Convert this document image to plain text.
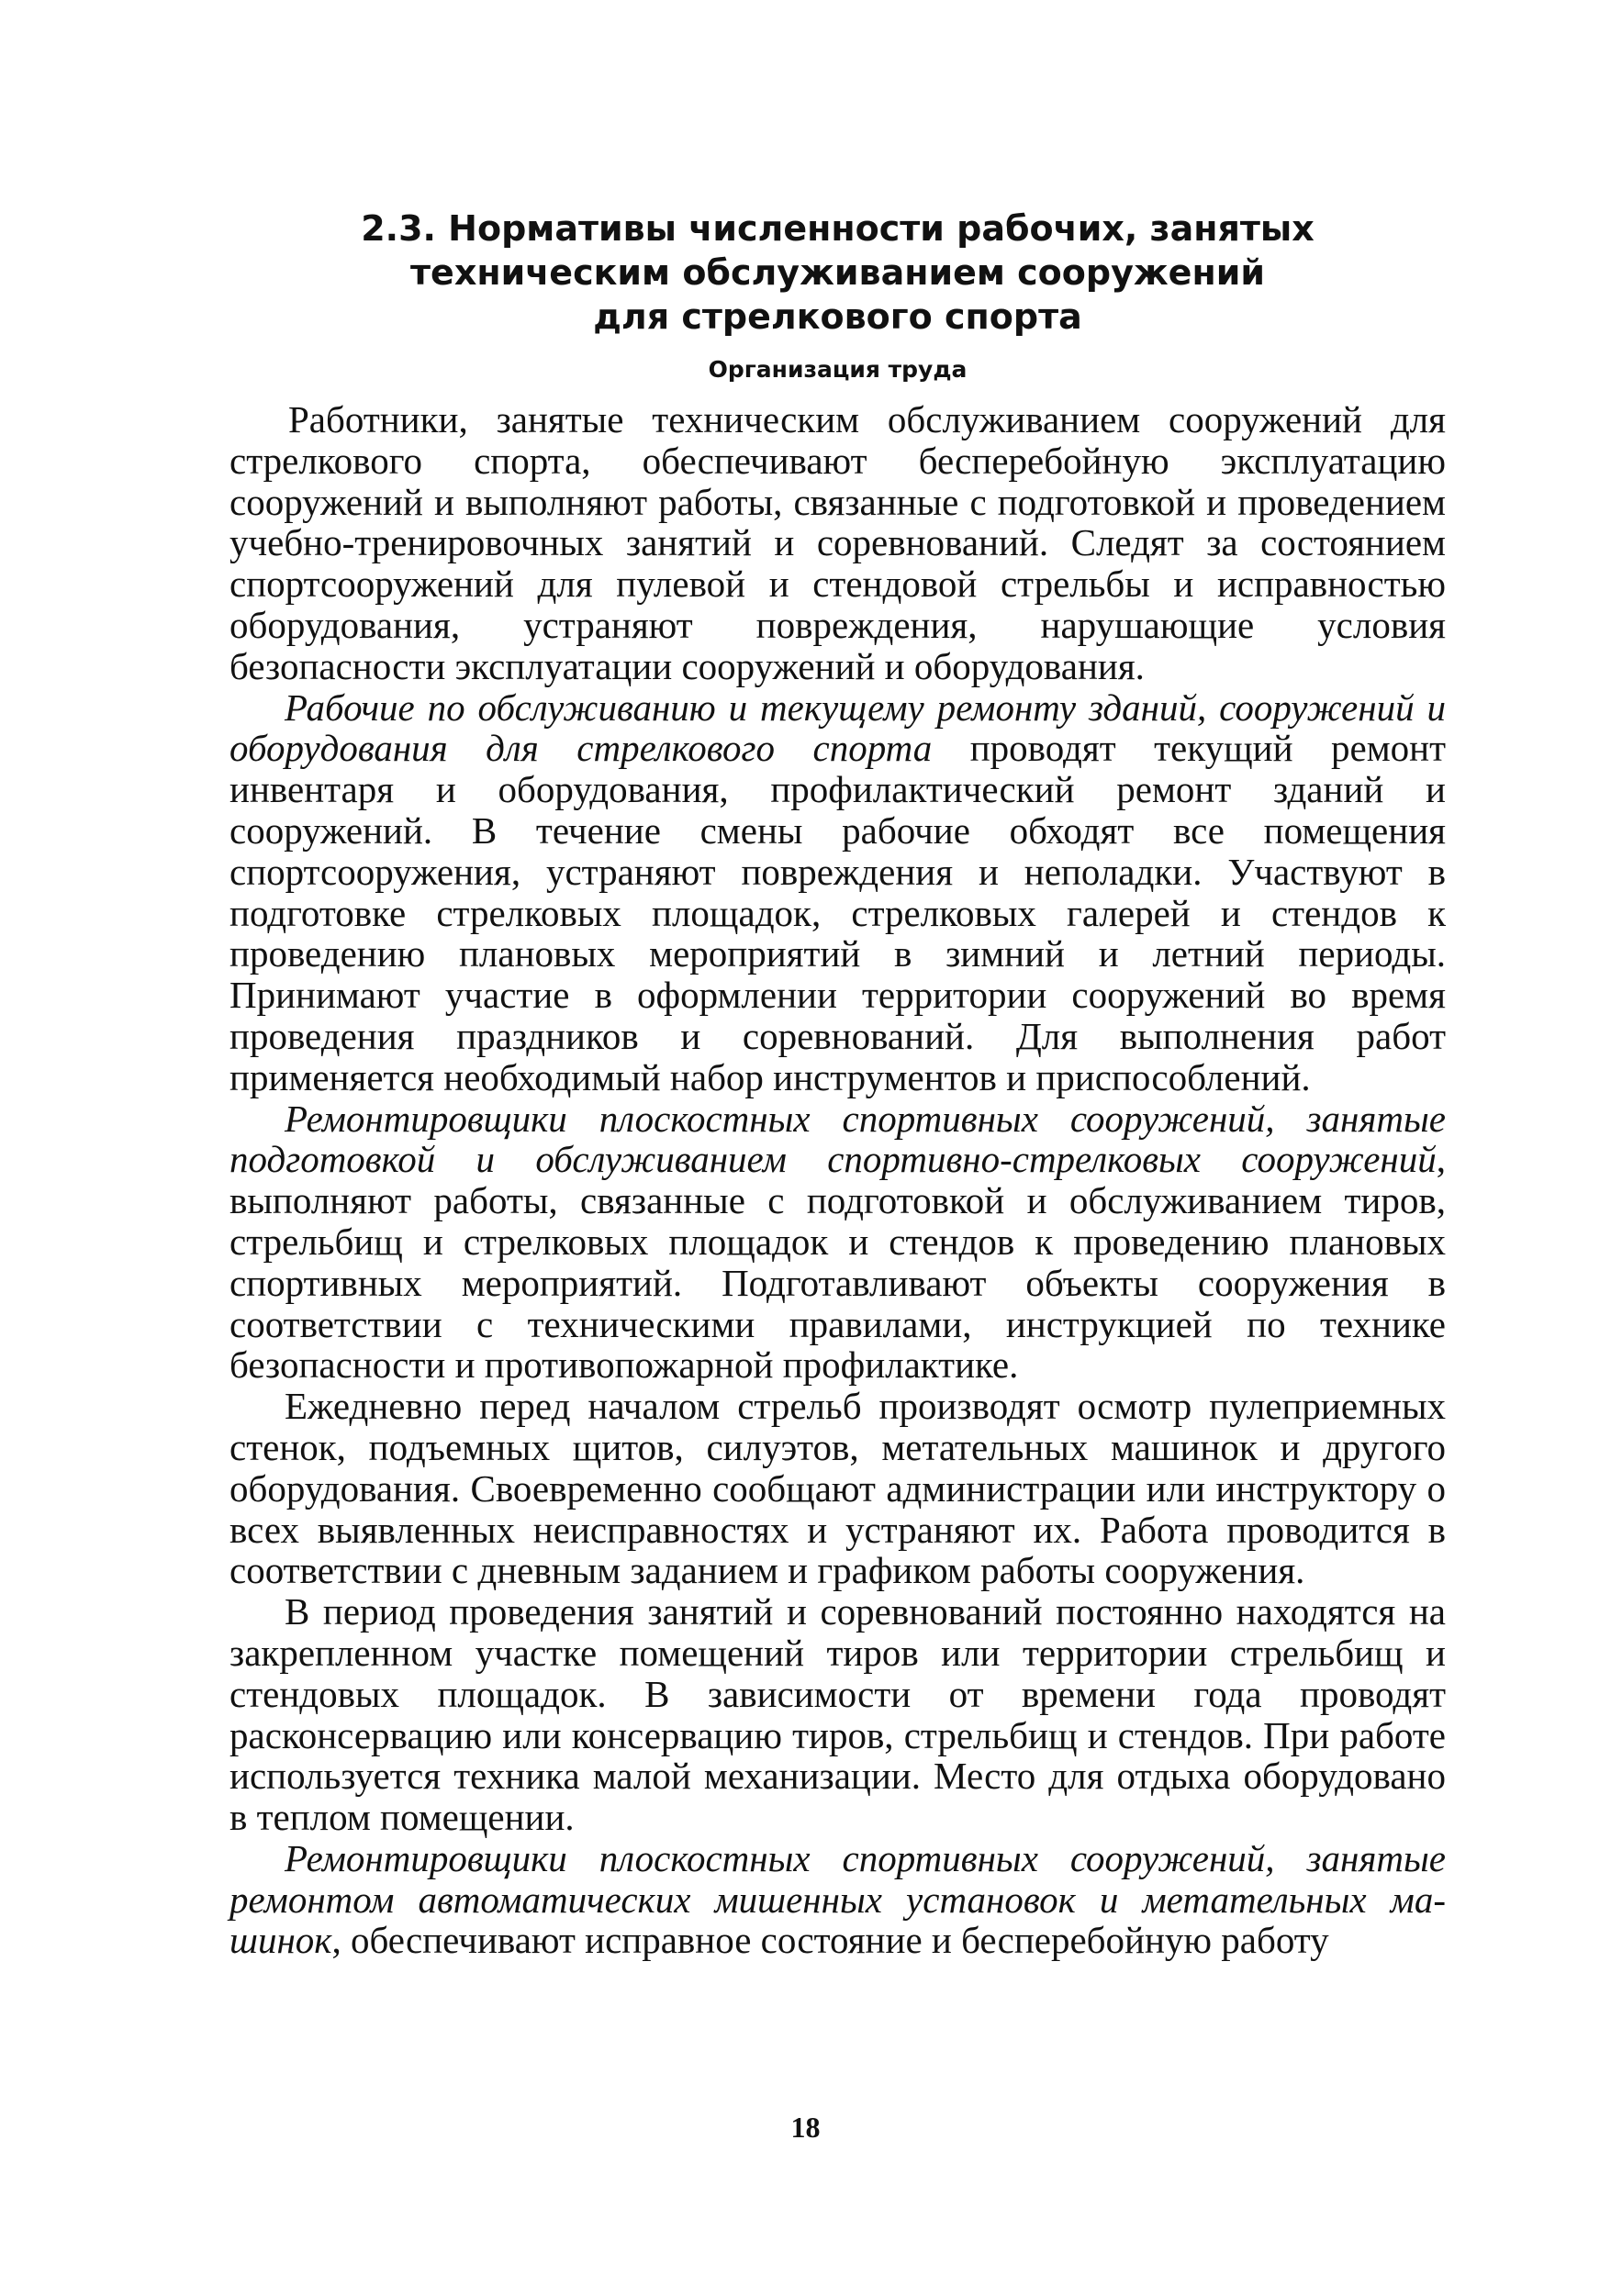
2.3. Нормативы численности рабочих, занятых
техническим обслуживанием сооружений
для стрелкового спорта
Организация труда

Работники, занятые техническим обслуживанием сооружений для стрелкового спорта, обеспечивают бесперебойную эксплуатацию сооружений и выполняют работы, связанные с подготовкой и проведением учебно-тренировочных занятий и соревнований. Следят за состоянием спортсооружений для пулевой и стендовой стрельбы и исправностью оборудования, устраняют повреждения, нарушающие условия безопасности эксплуатации сооружений и оборудования.

Рабочие по обслуживанию и текущему ремонту зданий, сооружений и оборудования для стрелкового спорта проводят текущий ремонт инвентаря и оборудования, профилактический ремонт зданий и сооружений. В течение смены рабочие обходят все помещения спортсооружения, устраняют повреждения и неполадки. Участвуют в подготовке стрелковых площадок, стрелковых галерей и стендов к проведению плановых мероприятий в зимний и летний периоды. Принимают участие в оформлении территории сооружений во время проведения праздников и соревнований. Для выполнения работ применяется необходимый набор инструментов и приспособлений.

Ремонтировщики плоскостных спортивных сооружений, занятые подготовкой и обслуживанием спортивно-стрелковых сооружений, выполняют работы, связанные с подготовкой и обслуживанием тиров, стрельбищ и стрелковых площадок и стендов к проведению плановых спортивных мероприятий. Подготавливают объекты сооружения в соответствии с техническими правилами, инструкцией по технике безопасности и противопожарной профилактике.

Ежедневно перед началом стрельб производят осмотр пулеприемных стенок, подъемных щитов, силуэтов, метательных машинок и другого оборудования. Своевременно сообщают администрации или инструктору о всех выявленных неисправностях и устраняют их. Работа проводится в соответствии с дневным заданием и графиком работы сооружения.

В период проведения занятий и соревнований постоянно находятся на закрепленном участке помещений тиров или территории стрельбищ и стендовых площадок. В зависимости от времени года проводят расконсервацию или консервацию тиров, стрельбищ и стендов. При работе используется техника малой механизации. Место для отдыха оборудовано в теплом помещении.

Ремонтировщики плоскостных спортивных сооружений, занятые ремонтом автоматических мишенных установок и метательных машинок, обеспечивают исправное состояние и бесперебойную работу

18
